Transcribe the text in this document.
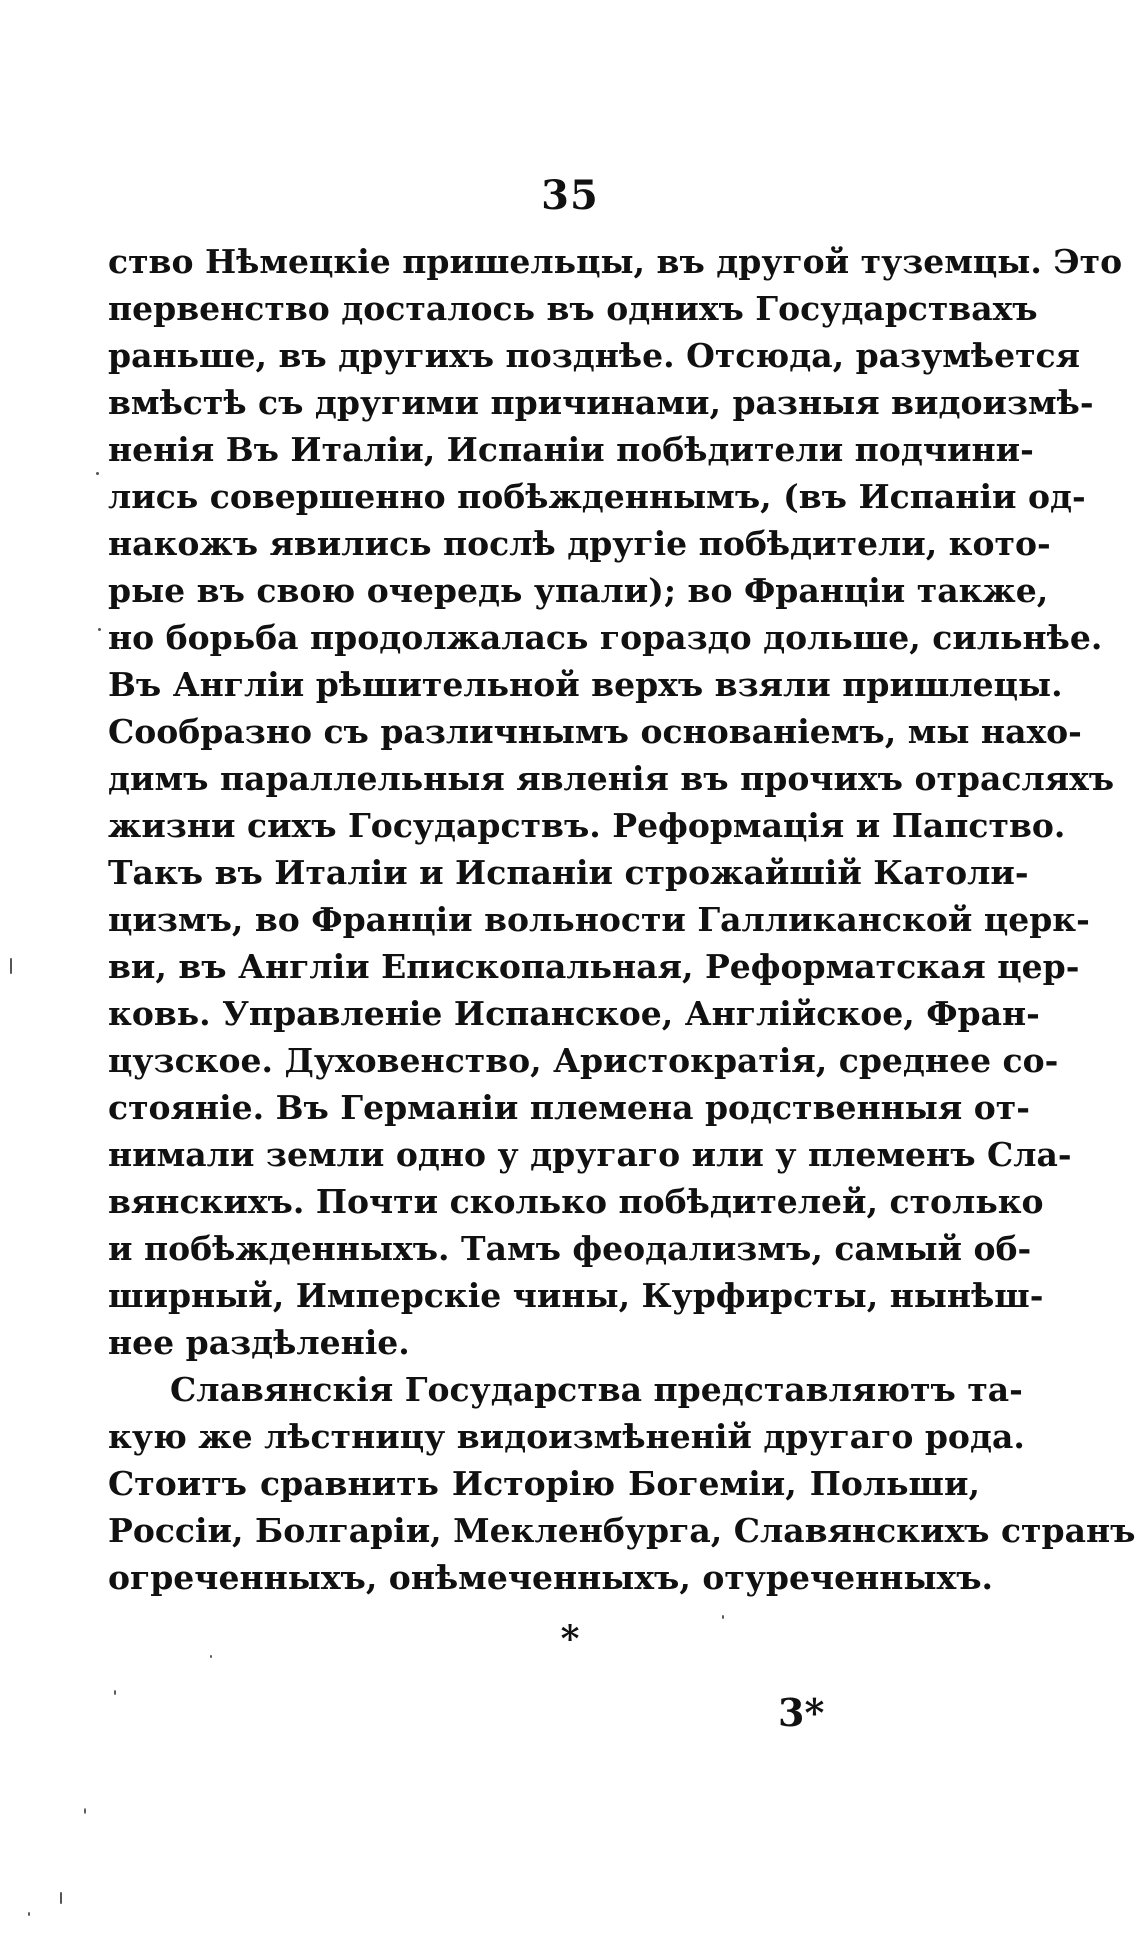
35
ство Нѣмецкіе пришельцы, въ другой туземцы. Это
первенство досталось въ однихъ Государствахъ
раньше, въ другихъ позднѣе. Отсюда, разумѣется
вмѣстѣ съ другими причинами, разныя видоизмѣ-
ненія Въ Италіи, Испаніи побѣдители подчини-
лись совершенно побѣжденнымъ, (въ Испаніи од-
накожъ явились послѣ другіе побѣдители, кото-
рые въ свою очередь упали); во Франціи также,
но борьба продолжалась гораздо дольше, сильнѣе.
Въ Англіи рѣшительной верхъ взяли пришлецы.
Сообразно съ различнымъ основаніемъ, мы нахо-
димъ параллельныя явленія въ прочихъ отрасляхъ
жизни сихъ Государствъ. Реформація и Папство.
Такъ въ Италіи и Испаніи строжайшій Католи-
цизмъ, во Франціи вольности Галликанской церк-
ви, въ Англіи Епископальная, Реформатская цер-
ковь. Управленіе Испанское, Англійское, Фран-
цузское. Духовенство, Аристократія, среднее со-
стояніе. Въ Германіи племена родственныя от-
нимали земли одно у другаго или у племенъ Сла-
вянскихъ. Почти сколько побѣдителей, столько
и побѣжденныхъ. Тамъ феодализмъ, самый об-
ширный, Имперскіе чины, Курфирсты, нынѣш-
нее раздѣленіе.
Славянскія Государства представляютъ та-
кую же лѣстницу видоизмѣненій другаго рода.
Стоитъ сравнить Исторію Богеміи, Польши,
Россіи, Болгаріи, Мекленбурга, Славянскихъ странъ
огреченныхъ, онѣмеченныхъ, отуреченныхъ.
*
3*
